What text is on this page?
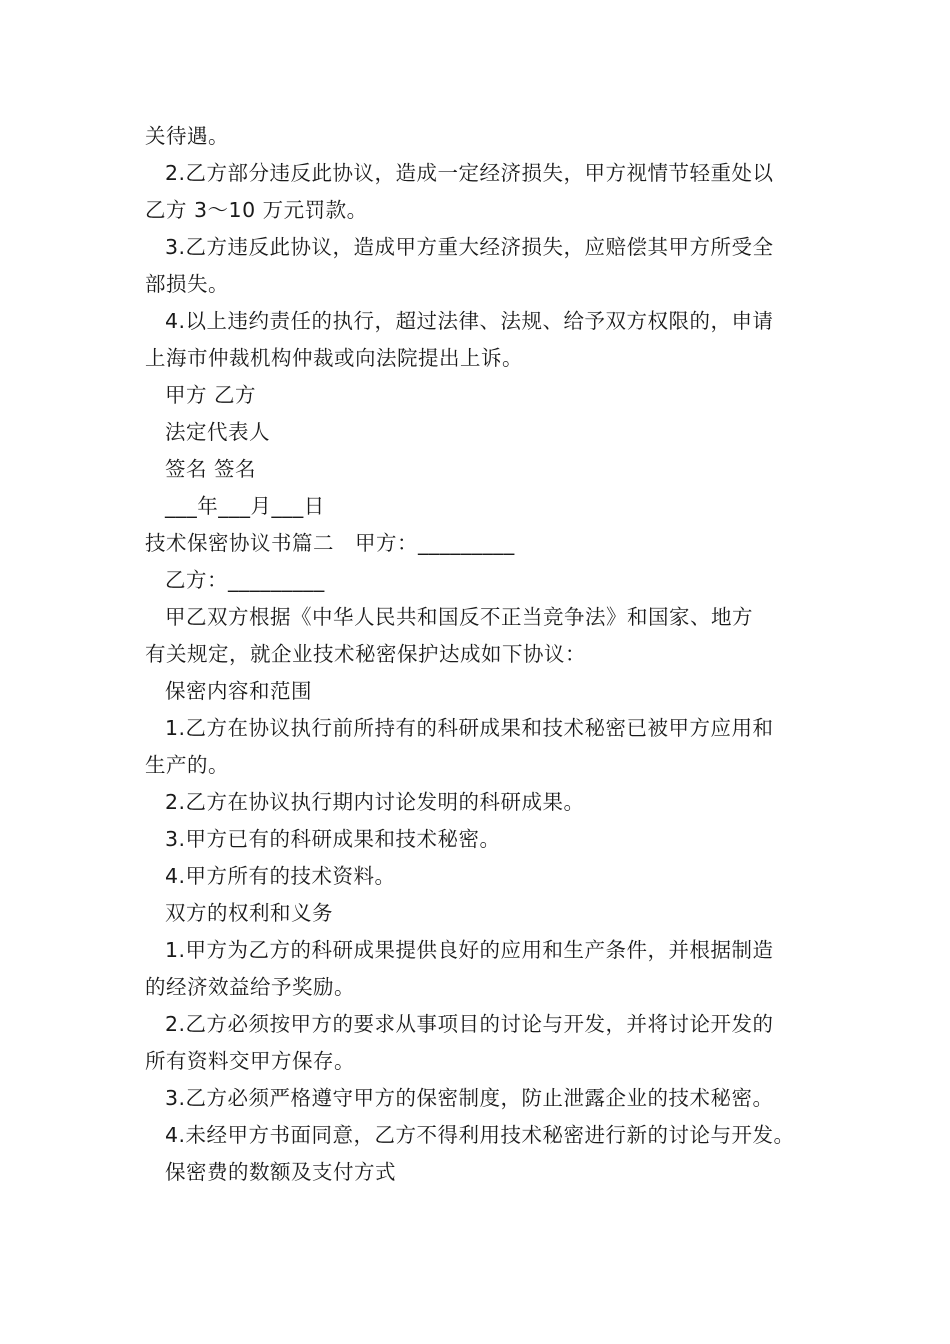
关待遇。
2.乙方部分违反此协议，造成一定经济损失，甲方视情节轻重处以
乙方 3～10 万元罚款。
3.乙方违反此协议，造成甲方重大经济损失，应赔偿其甲方所受全
部损失。
4.以上违约责任的执行，超过法律、法规、给予双方权限的，申请
上海市仲裁机构仲裁或向法院提出上诉。
甲方 乙方
法定代表人
签名 签名
___年___月___日
技术保密协议书篇二　甲方：_________
乙方：_________
甲乙双方根据《中华人民共和国反不正当竞争法》和国家、地方
有关规定，就企业技术秘密保护达成如下协议：
保密内容和范围
1.乙方在协议执行前所持有的科研成果和技术秘密已被甲方应用和
生产的。
2.乙方在协议执行期内讨论发明的科研成果。
3.甲方已有的科研成果和技术秘密。
4.甲方所有的技术资料。
双方的权利和义务
1.甲方为乙方的科研成果提供良好的应用和生产条件，并根据制造
的经济效益给予奖励。
2.乙方必须按甲方的要求从事项目的讨论与开发，并将讨论开发的
所有资料交甲方保存。
3.乙方必须严格遵守甲方的保密制度，防止泄露企业的技术秘密。
4.未经甲方书面同意，乙方不得利用技术秘密进行新的讨论与开发。
保密费的数额及支付方式
